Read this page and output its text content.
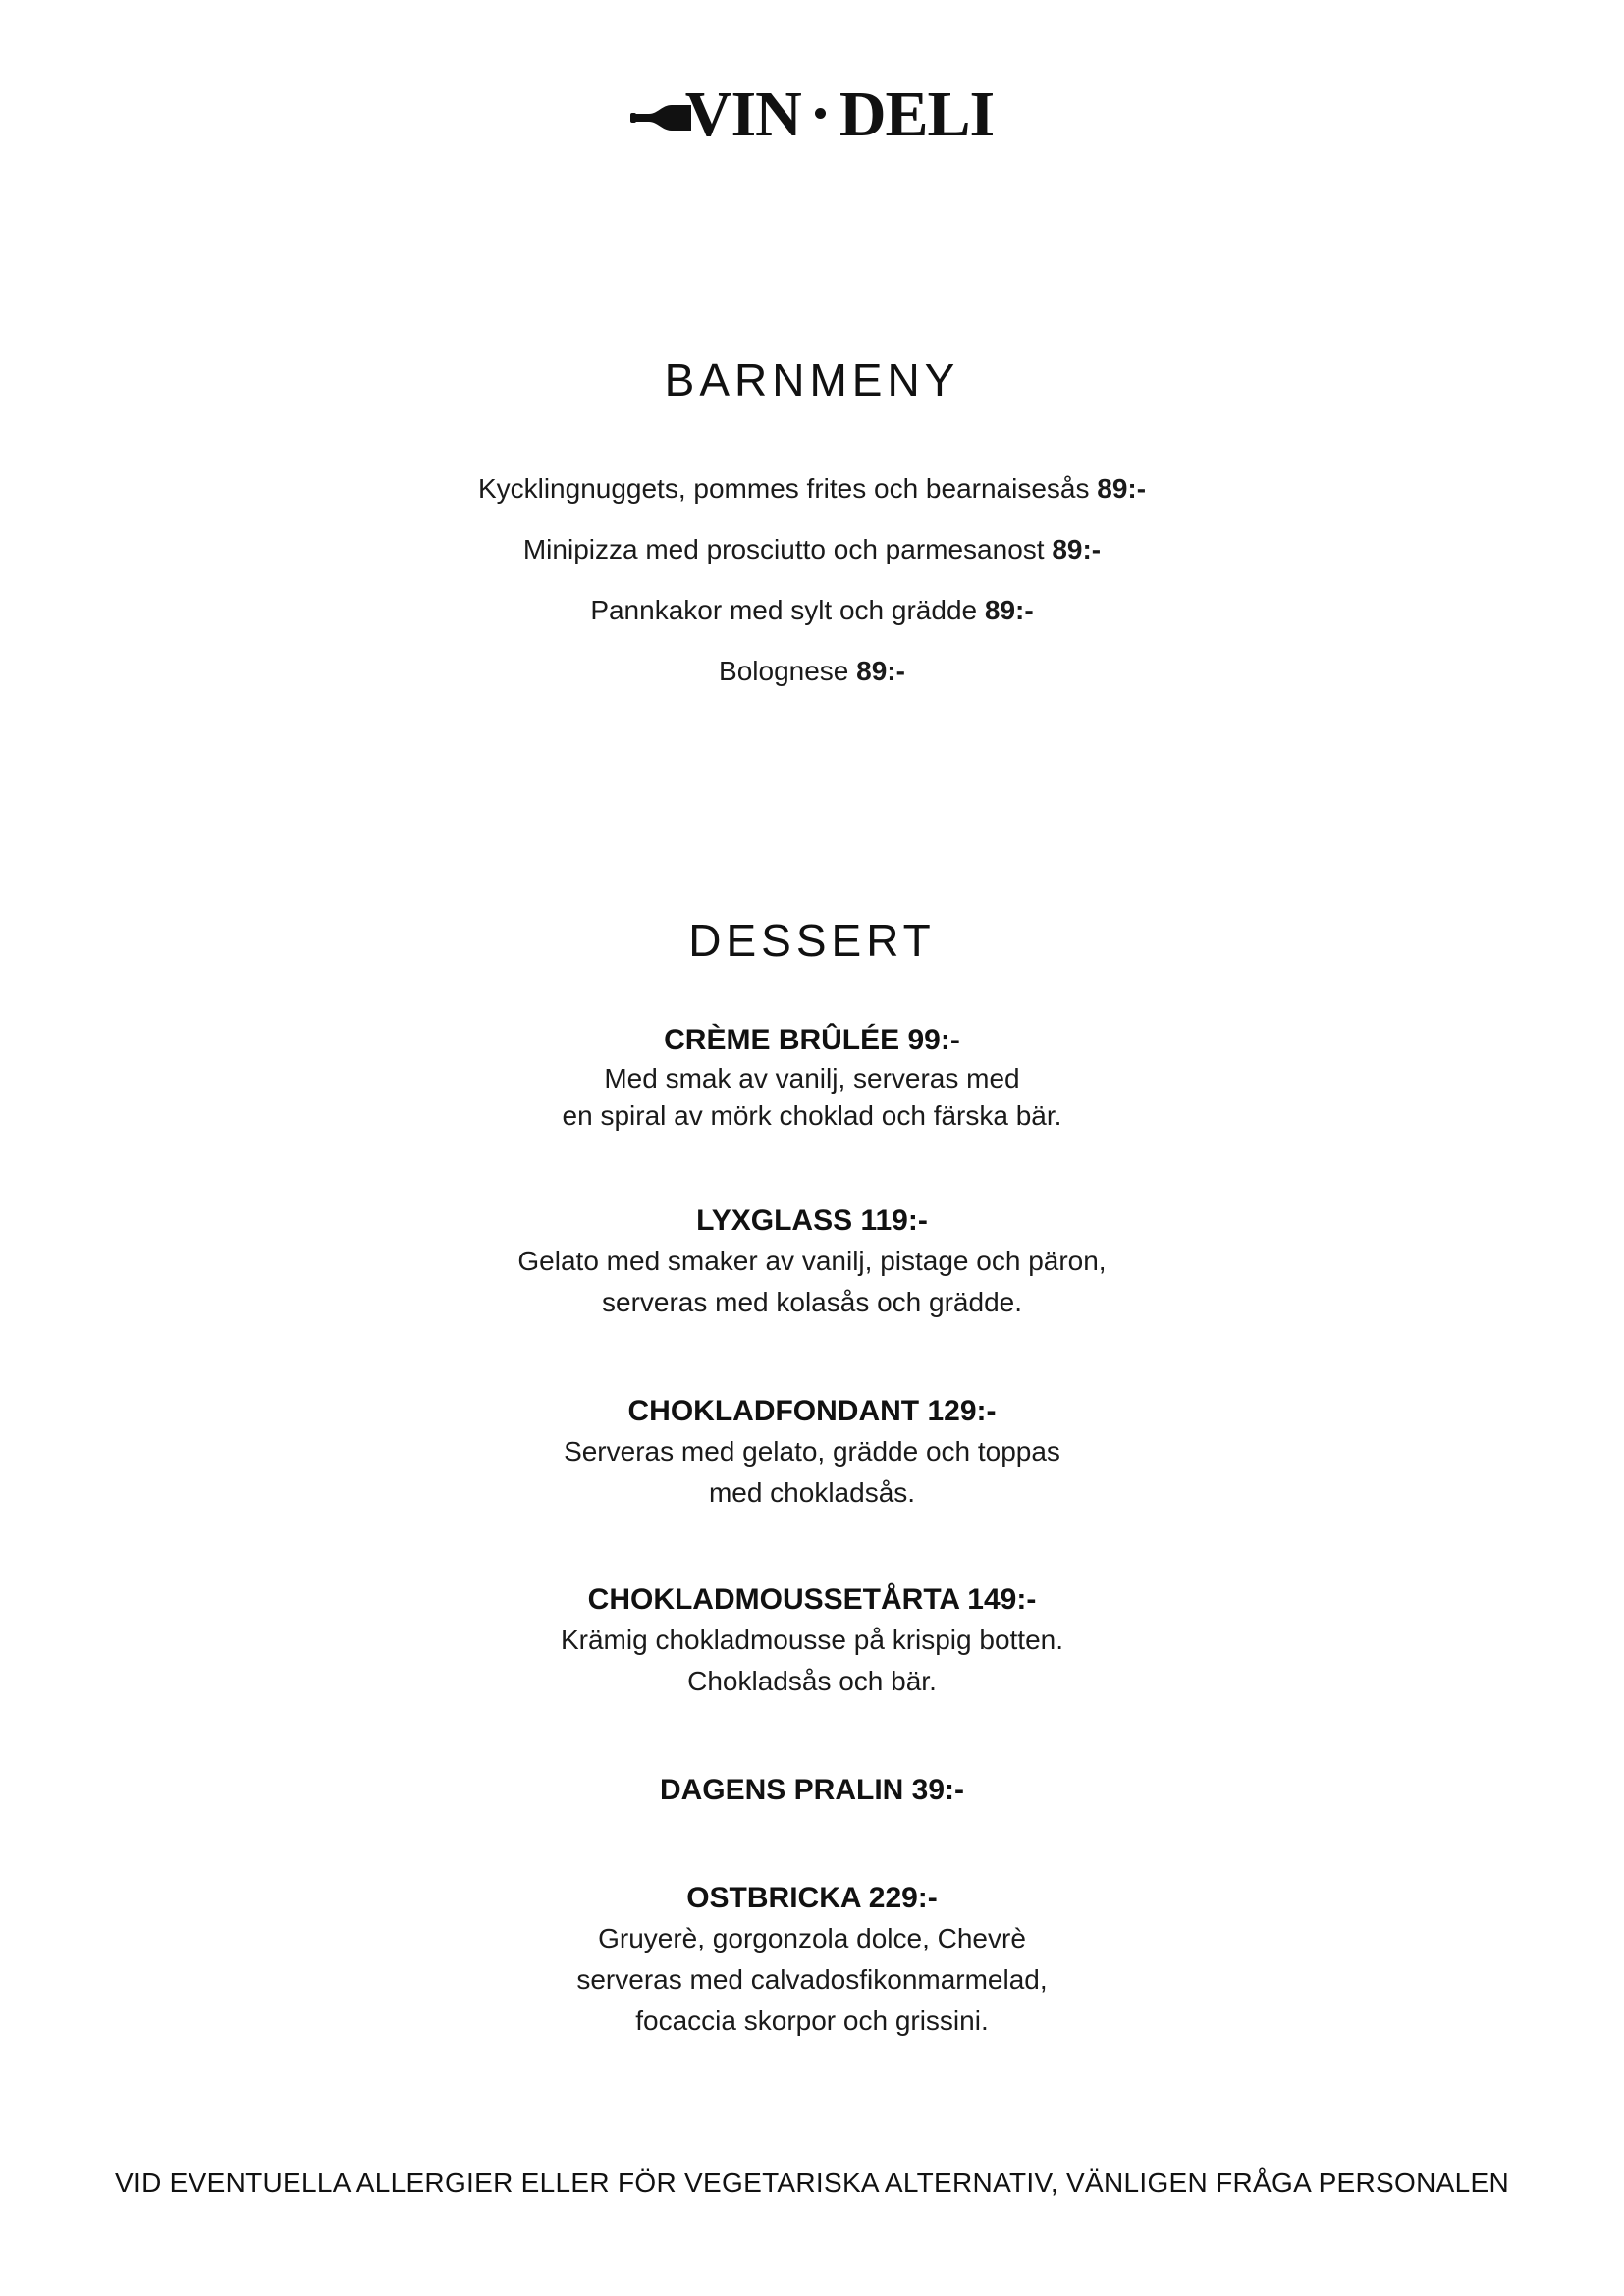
VIN DELI
BARNMENY
Kycklingnuggets, pommes frites och bearnaisesås 89:-
Minipizza med prosciutto och parmesanost 89:-
Pannkakor med sylt och grädde 89:-
Bolognese 89:-
DESSERT
CRÈME BRÛLÉE 99:-
Med smak av vanilj, serveras med
en spiral av mörk choklad och färska bär.
LYXGLASS 119:-
Gelato med smaker av vanilj, pistage och päron,
serveras med kolasås och grädde.
CHOKLADFONDANT 129:-
Serveras med gelato, grädde och toppas
med chokladsås.
CHOKLADMOUSSETÅRTA 149:-
Krämig chokladmousse på krispig botten.
Chokladsås och bär.
DAGENS PRALIN 39:-
OSTBRICKA 229:-
Gruyerè, gorgonzola dolce, Chevrè
serveras med calvadosfikonmarmelad,
focaccia skorpor och grissini.
VID EVENTUELLA ALLERGIER ELLER FÖR VEGETARISKA ALTERNATIV, VÄNLIGEN FRÅGA PERSONALEN
